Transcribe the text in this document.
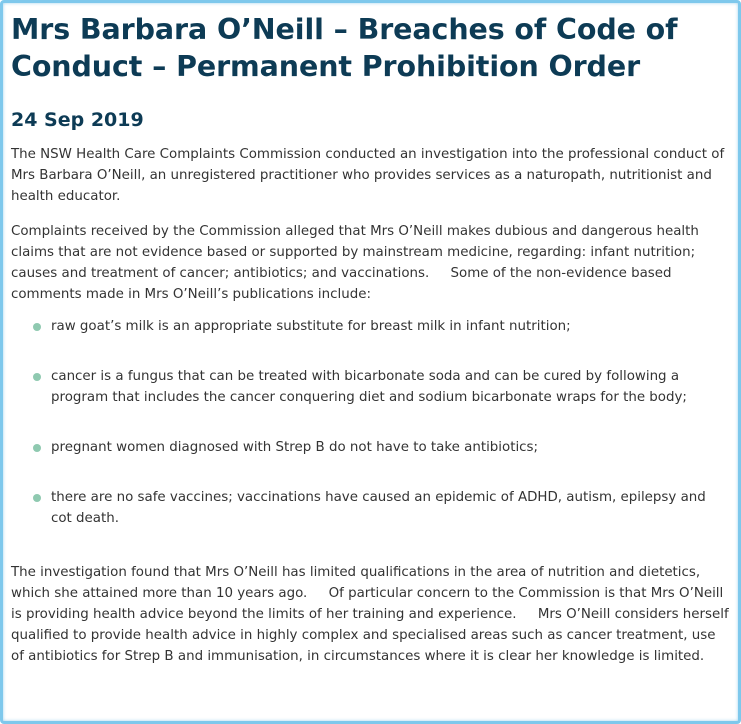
Mrs Barbara O’Neill – Breaches of Code of Conduct – Permanent Prohibition Order
24 Sep 2019

The NSW Health Care Complaints Commission conducted an investigation into the professional conduct of Mrs Barbara O’Neill, an unregistered practitioner who provides services as a naturopath, nutritionist and health educator.

Complaints received by the Commission alleged that Mrs O’Neill makes dubious and dangerous health claims that are not evidence based or supported by mainstream medicine, regarding: infant nutrition; causes and treatment of cancer; antibiotics; and vaccinations.     Some of the non-evidence based comments made in Mrs O’Neill’s publications include:

raw goat’s milk is an appropriate substitute for breast milk in infant nutrition;
cancer is a fungus that can be treated with bicarbonate soda and can be cured by following a program that includes the cancer conquering diet and sodium bicarbonate wraps for the body;
pregnant women diagnosed with Strep B do not have to take antibiotics;
there are no safe vaccines; vaccinations have caused an epidemic of ADHD, autism, epilepsy and cot death.

The investigation found that Mrs O’Neill has limited qualifications in the area of nutrition and dietetics, which she attained more than 10 years ago.     Of particular concern to the Commission is that Mrs O’Neill is providing health advice beyond the limits of her training and experience.     Mrs O’Neill considers herself qualified to provide health advice in highly complex and specialised areas such as cancer treatment, use of antibiotics for Strep B and immunisation, in circumstances where it is clear her knowledge is limited.
